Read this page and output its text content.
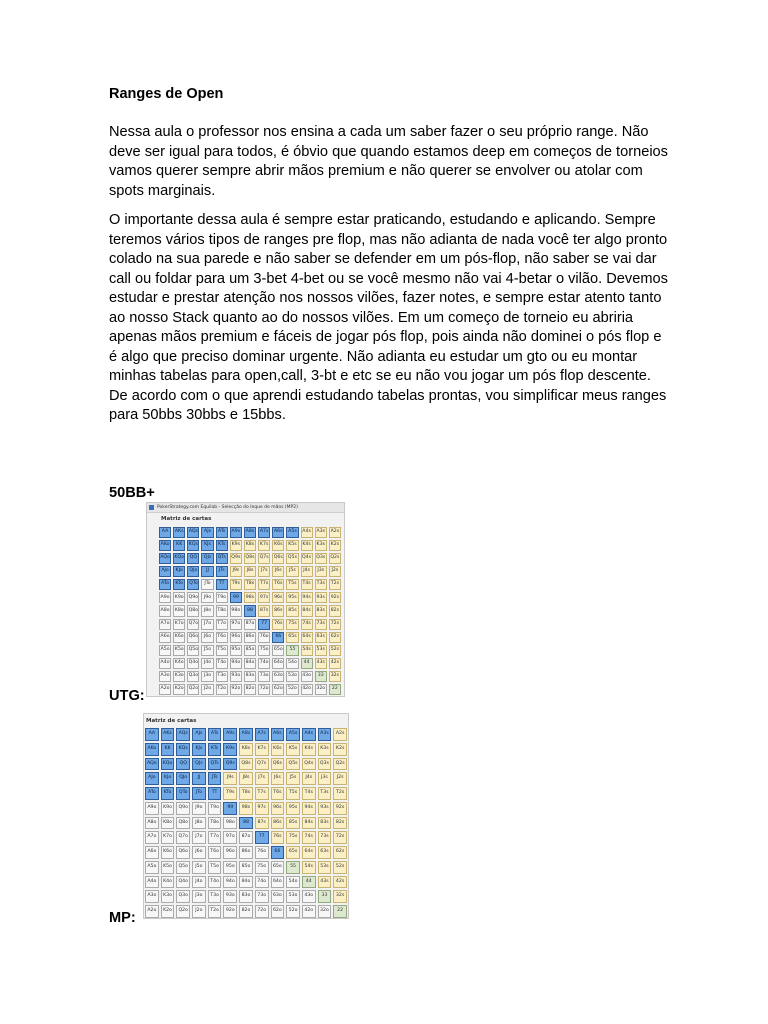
Ranges de Open

Nessa aula o professor nos ensina a cada um saber fazer o seu próprio range. Não deve ser igual para todos, é óbvio que quando estamos deep em começos de torneios vamos querer sempre abrir mãos premium e não querer se envolver ou atolar com spots marginais.

O importante dessa aula é sempre estar praticando, estudando e aplicando. Sempre teremos vários tipos de ranges pre flop, mas não adianta de nada você ter algo pronto colado na sua parede e não saber se defender em um pós-flop, não saber se vai dar call ou foldar para um 3-bet 4-bet ou se você mesmo não vai 4-betar o vilão. Devemos estudar e prestar atenção nos nossos vilões, fazer notes, e sempre estar atento tanto ao nosso Stack quanto ao do nossos vilões. Em um começo de torneio eu abriria apenas mãos premium e fáceis de jogar pós flop, pois ainda não dominei o pós flop e é algo que preciso dominar urgente. Não adianta eu estudar um gto ou eu montar minhas tabelas para open,call, 3-bt e etc se eu não vou jogar um pós flop descente. De acordo com o que aprendi estudando tabelas prontas, vou simplificar meus ranges para 50bbs 30bbs e 15bbs.

50BB+
PokerStrategy.com Equilab - Selecção do leque de mãos (MP2)
Matriz de cartas
AA	AKs	AQs	AJs	ATs	A9s	A8s	A7s	A6s	A5s	A4s	A3s	A2s
AKo	KK	KQs	KJs	KTs	K9s	K8s	K7s	K6s	K5s	K4s	K3s	K2s
AQo KQo	QQ	QJs	QTs	Q9s	Q8s	Q7s	Q6s	Q5s	Q4s	Q3s	Q2s
AJo	KJo	QJo	JJ	JTs	J9s	J8s	J7s	J6s	J5s	J4s	J3s	J2s
ATo	KTo	QTo	JTo	TT	T9s	T8s	T7s	T6s	T5s	T4s	T3s	T2s
A9o	K9o	Q9o	J9o	T9o	99	98s	97s	96s	95s	94s	93s	92s
A8o	K8o	Q8o	J8o	T8o	98o	88	87s	86s	85s	84s	83s	82s
A7o	K7o	Q7o	J7o	T7o	97o	87o	77	76s	75s	74s	73s	72s
A6o	K6o	Q6o	J6o	T6o	96o	86o	76o	66	65s	64s	63s	62s
A5o	K5o	Q5o	J5o	T5o	95o	85o	75o	65o	55	54s	53s	52s
A4o	K4o	Q4o	J4o	T4o	94o	84o	74o	64o	54o	44	43s	42s
A3o	K3o	Q3o	J3o	T3o	93o	83o	73o	63o	53o	43o	33	32s
A2o	K2o	Q2o	J2o	T2o	92o	82o	72o	62o	52o	42o	32o	22
UTG:
Matriz de cartas
AA	AKs	AQs	AJs	ATs	A9s	A8s	A7s	A6s	A5s	A4s	A3s	A2s
AKo	KK	KQs	KJs	KTs	K9s	K8s	K7s	K6s	K5s	K4s	K3s	K2s
AQo	KQo	QQ	QJs	QTs	Q9s	Q8s	Q7s	Q6s	Q5s	Q4s	Q3s	Q2s
AJo	KJo	QJo	JJ	JTs	J9s	J8s	J7s	J6s	J5s	J4s	J3s	J2s
ATo	KTo	QTo	JTo	TT	T9s	T8s	T7s	T6s	T5s	T4s	T3s	T2s
A9o	K9o	Q9o	J9o	T9o	99	98s	97s	96s	95s	94s	93s	92s
A8o	K8o	Q8o	J8o	T8o	98o	88	87s	86s	85s	84s	83s	82s
A7o	K7o	Q7o	J7o	T7o	97o	87o	77	76s	75s	74s	73s	72s
A6o	K6o	Q6o	J6o	T6o	96o	86o	76o	66	65s	64s	63s	62s
A5o	K5o	Q5o	J5o	T5o	95o	85o	75o	65o	55	54s	53s	52s
A4o	K4o	Q4o	J4o	T4o	94o	84o	74o	64o	54o	44	43s	42s
A3o	K3o	Q3o	J3o	T3o	93o	83o	73o	63o	53o	43o	33	32s
A2o	K2o	Q2o	J2o	T2o	92o	82o	72o	62o	52o	42o	32o	22
MP:
